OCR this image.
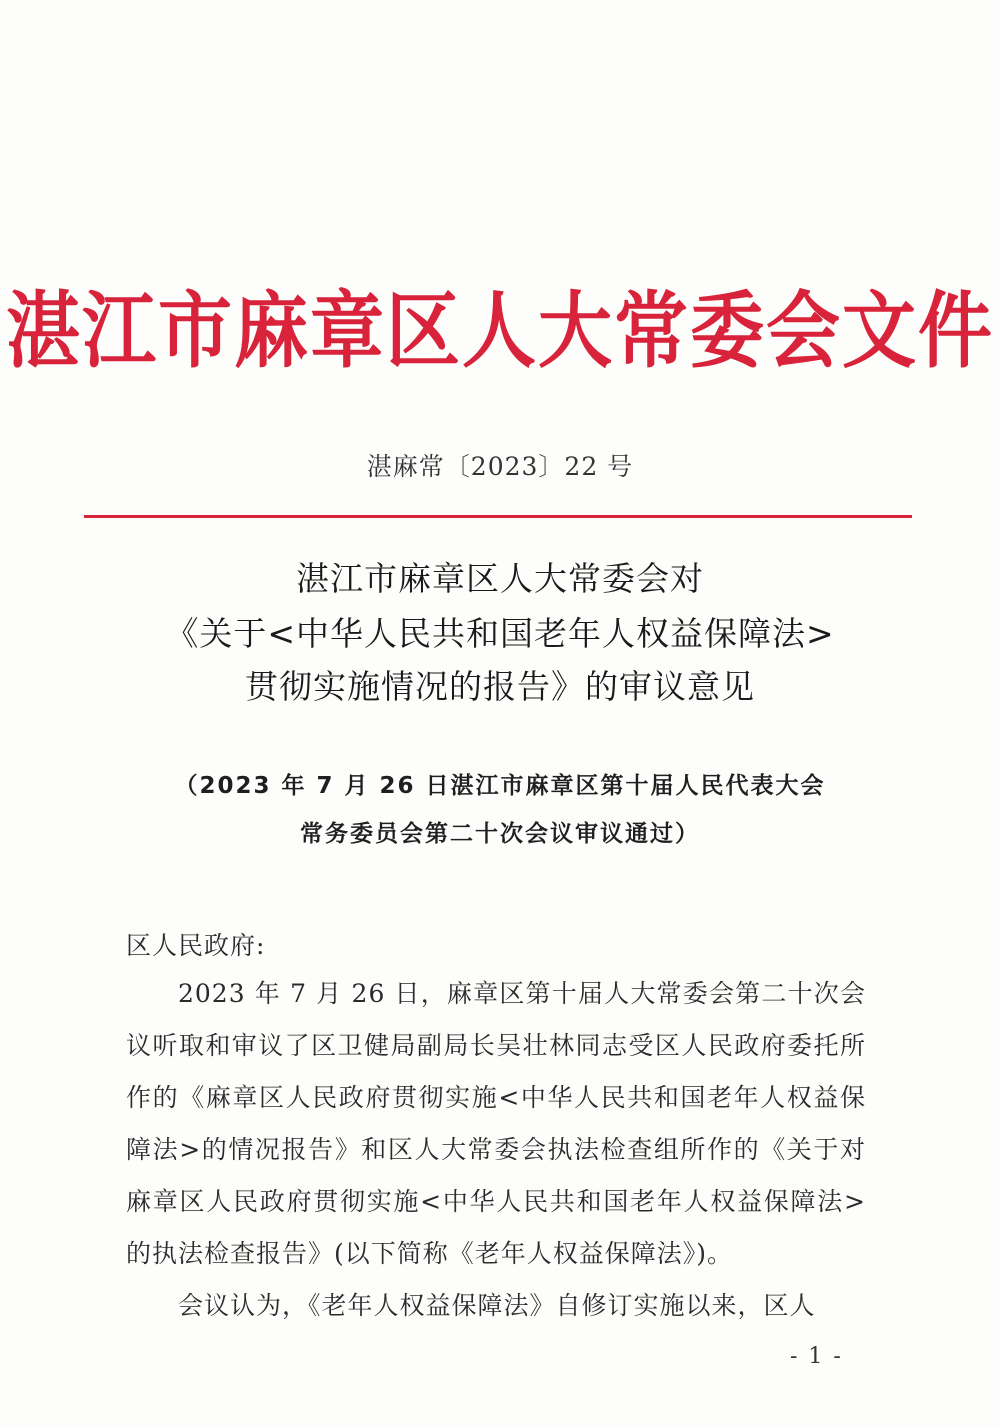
湛江市麻章区人大常委会文件
湛麻常〔2023〕22 号
湛江市麻章区人大常委会对
《关于<中华人民共和国老年人权益保障法>
贯彻实施情况的报告》的审议意见
（2023 年 7 月 26 日湛江市麻章区第十届人民代表大会
常务委员会第二十次会议审议通过）
区人民政府:
2023 年 7 月 26 日，麻章区第十届人大常委会第二十次会议听取和审议了区卫健局副局长吴壮林同志受区人民政府委托所作的《麻章区人民政府贯彻实施<中华人民共和国老年人权益保障法>的情况报告》和区人大常委会执法检查组所作的《关于对麻章区人民政府贯彻实施<中华人民共和国老年人权益保障法>的执法检查报告》(以下简称《老年人权益保障法》)。
会议认为，《老年人权益保障法》自修订实施以来，区人
- 1 -
